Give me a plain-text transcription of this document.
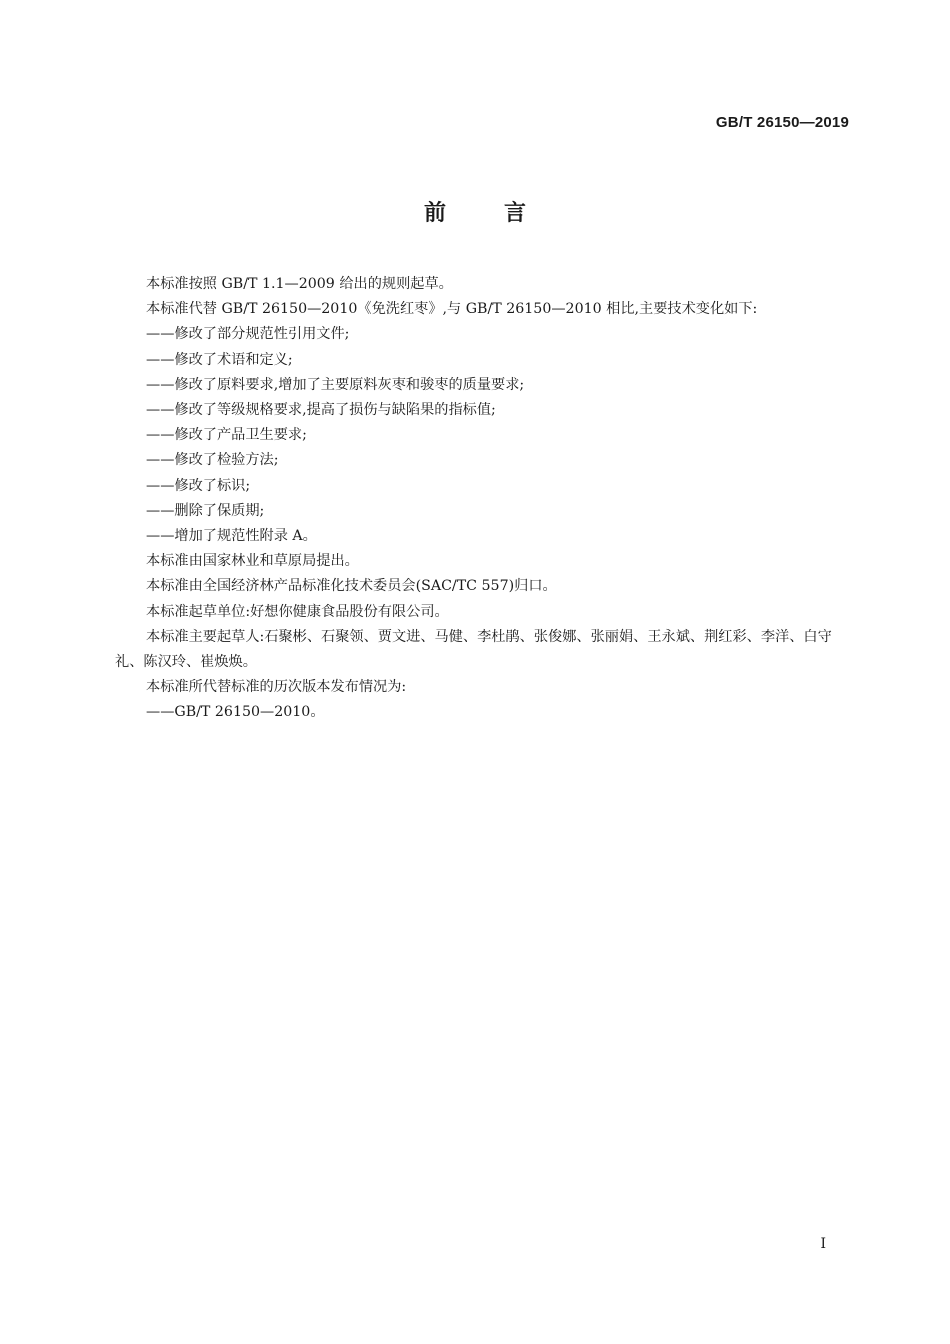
GB/T 26150—2019
前言

本标准按照 GB/T 1.1—2009 给出的规则起草。

本标准代替 GB/T 26150—2010《免洗红枣》,与 GB/T 26150—2010 相比,主要技术变化如下:

——修改了部分规范性引用文件;

——修改了术语和定义;

——修改了原料要求,增加了主要原料灰枣和骏枣的质量要求;

——修改了等级规格要求,提高了损伤与缺陷果的指标值;

——修改了产品卫生要求;

——修改了检验方法;

——修改了标识;

——删除了保质期;

——增加了规范性附录 A。

本标准由国家林业和草原局提出。

本标准由全国经济林产品标准化技术委员会(SAC/TC 557)归口。

本标准起草单位:好想你健康食品股份有限公司。

本标准主要起草人:石聚彬、石聚领、贾文进、马健、李杜鹃、张俊娜、张丽娟、王永斌、荆红彩、李洋、白守礼、陈汉玲、崔焕焕。

本标准所代替标准的历次版本发布情况为:

——GB/T 26150—2010。

I
